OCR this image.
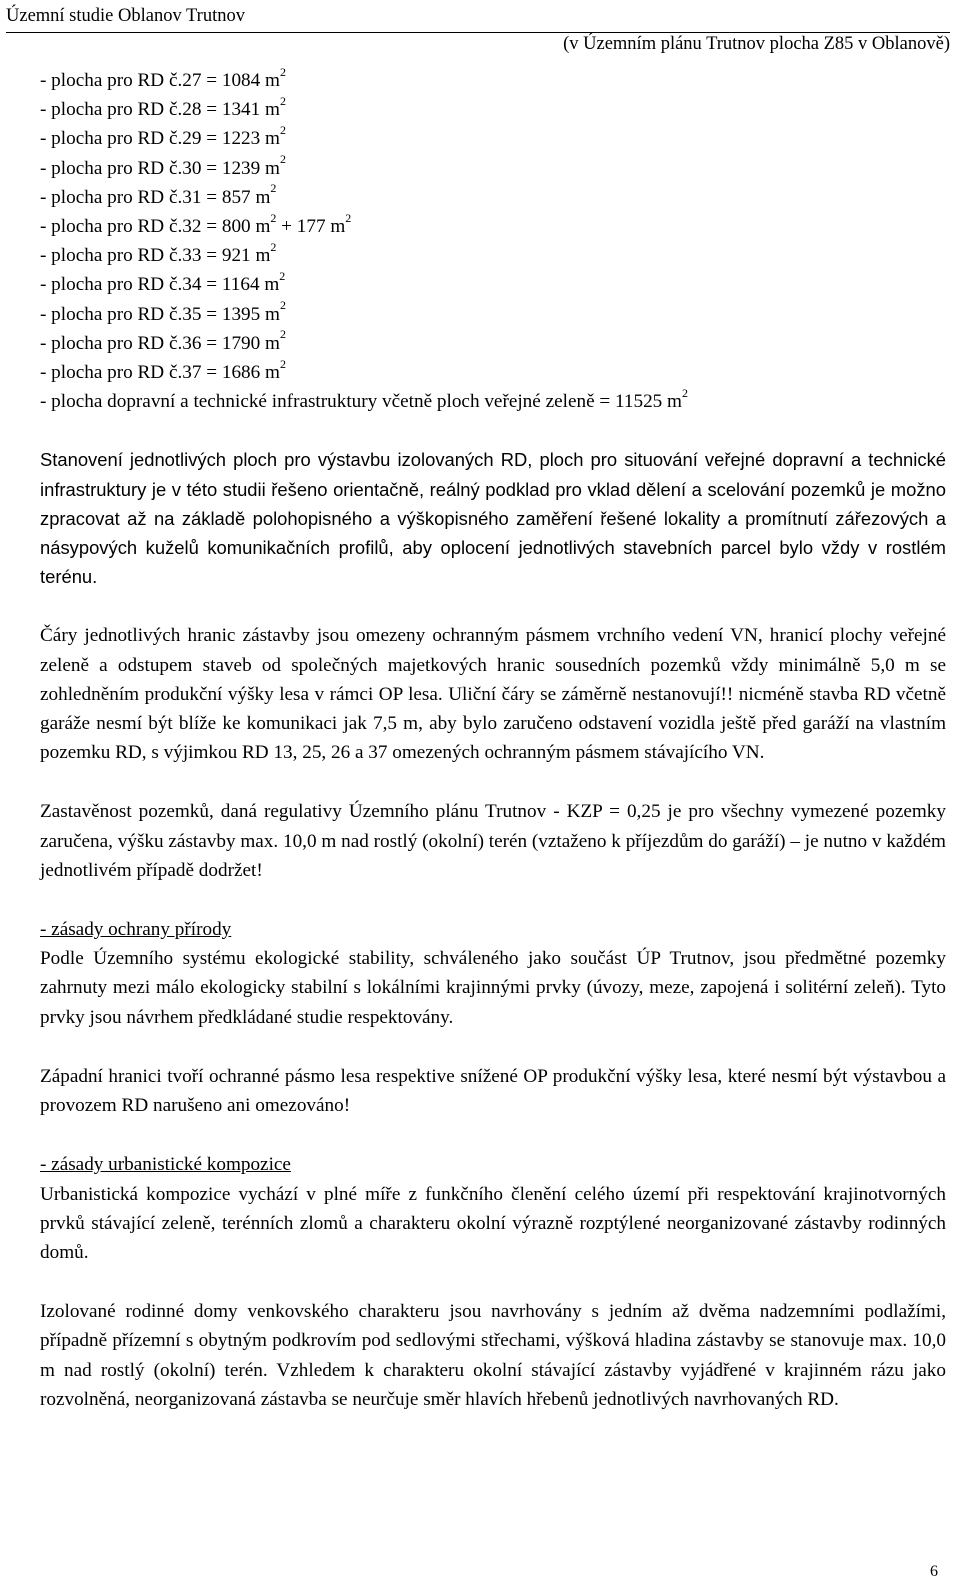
Územní studie Oblanov Trutnov
(v Územním plánu Trutnov plocha Z85 v Oblanově)
- plocha pro RD č.27 = 1084 $m^2$
- plocha pro RD č.28 = 1341 $m^2$
- plocha pro RD č.29 = 1223 $m^2$
- plocha pro RD č.30 = 1239 $m^2$
- plocha pro RD č.31 = 857 $m^2$
- plocha pro RD č.32 = 800 $m^2 + 177$ $m^2$
- plocha pro RD č.33 = 921 $m^2$
- plocha pro RD č.34 = 1164 $m^2$
- plocha pro RD č.35 = 1395 $m^2$
- plocha pro RD č.36 = 1790 $m^2$
- plocha pro RD č.37 = 1686 $m^2$
- plocha dopravní a technické infrastruktury včetně ploch veřejné zeleně = 11525 $m^2$

Stanovení jednotlivých ploch pro výstavbu izolovaných RD, ploch pro situování veřejné dopravní a technické infrastruktury je v této studii řešeno orientačně, reálný podklad pro vklad dělení a scelování pozemků je možno zpracovat až na základě polohopisného a výškopisného zaměření řešené lokality a promítnutí zářezových a násypových kuželů komunikačních profilů, aby oplocení jednotlivých stavebních parcel bylo vždy v rostlém terénu.

Čáry jednotlivých hranic zástavby jsou omezeny ochranným pásmem vrchního vedení VN, hranicí plochy veřejné zeleně a odstupem staveb od společných majetkových hranic sousedních pozemků vždy minimálně 5,0 m se zohledněním produkční výšky lesa v rámci OP lesa. Uliční čáry se záměrně nestanovují!! nicméně stavba RD včetně garáže nesmí být blíže ke komunikaci jak 7,5 m, aby bylo zaručeno odstavení vozidla ještě před garáží na vlastním pozemku RD, s výjimkou RD 13, 25, 26 a 37 omezených ochranným pásmem stávajícího VN.

Zastavěnost pozemků, daná regulativy Územního plánu Trutnov - KZP = 0,25 je pro všechny vymezené pozemky zaručena, výšku zástavby max. 10,0 m nad rostlý (okolní) terén (vztaženo k příjezdům do garáží) – je nutno v každém jednotlivém případě dodržet!

- zásady ochrany přírody

Podle Územního systému ekologické stability, schváleného jako součást ÚP Trutnov, jsou předmětné pozemky zahrnuty mezi málo ekologicky stabilní s lokálními krajinnými prvky (úvozy, meze, zapojená i solitérní zeleň). Tyto prvky jsou návrhem předkládané studie respektovány.

Západní hranici tvoří ochranné pásmo lesa respektive snížené OP produkční výšky lesa, které nesmí být výstavbou a provozem RD narušeno ani omezováno!

- zásady urbanistické kompozice

Urbanistická kompozice vychází v plné míře z funkčního členění celého území při respektování krajinotvorných prvků stávající zeleně, terénních zlomů a charakteru okolní výrazně rozptýlené neorganizované zástavby rodinných domů.

Izolované rodinné domy venkovského charakteru jsou navrhovány s jedním až dvěma nadzemními podlažími, případně přízemní s obytným podkrovím pod sedlovými střechami, výšková hladina zástavby se stanovuje max. 10,0 m nad rostlý (okolní) terén. Vzhledem k charakteru okolní stávající zástavby vyjádřené v krajinném rázu jako rozvolněná, neorganizovaná zástavba se neurčuje směr hlavích hřebenů jednotlivých navrhovaných RD.

6
